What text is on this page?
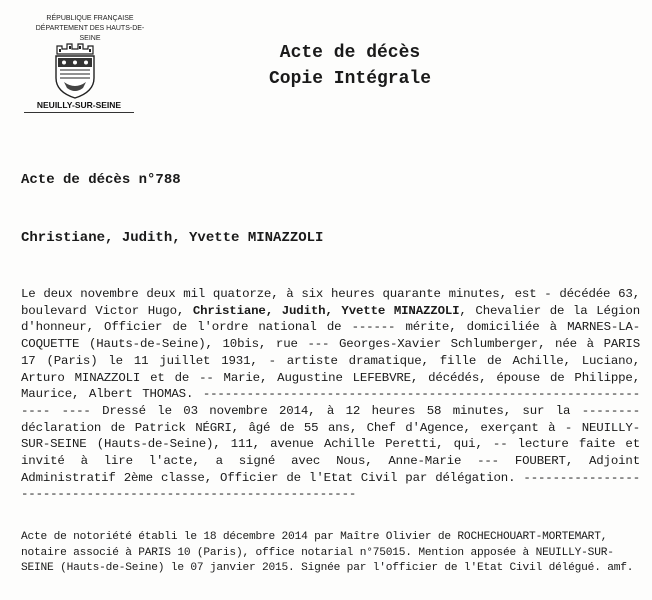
RÉPUBLIQUE FRANÇAISE
DÉPARTEMENT DES HAUTS-DE-SEINE
NEUILLY-SUR-SEINE
Acte de décès
Copie Intégrale
Acte de décès n°788
Christiane, Judith, Yvette MINAZZOLI
Le deux novembre deux mil quatorze, à six heures quarante minutes, est - décédée 63, boulevard Victor Hugo, Christiane, Judith, Yvette MINAZZOLI, Chevalier de la Légion d'honneur, Officier de l'ordre national de ------ mérite, domiciliée à MARNES-LA-COQUETTE (Hauts-de-Seine), 10bis, rue --- Georges-Xavier Schlumberger, née à PARIS 17 (Paris) le 11 juillet 1931, - artiste dramatique, fille de Achille, Luciano, Arturo MINAZZOLI et de -- Marie, Augustine LEFEBVRE, décédés, épouse de Philippe, Maurice, Albert THOMAS. ---------------------------------------------------------------- ---- Dressé le 03 novembre 2014, à 12 heures 58 minutes, sur la -------- déclaration de Patrick NÉGRI, âgé de 55 ans, Chef d'Agence, exerçant à - NEUILLY-SUR-SEINE (Hauts-de-Seine), 111, avenue Achille Peretti, qui, -- lecture faite et invité à lire l'acte, a signé avec Nous, Anne-Marie --- FOUBERT, Adjoint Administratif 2ème classe, Officier de l'Etat Civil par délégation. --------------------------------------------------------------
Acte de notoriété établi le 18 décembre 2014 par Maître Olivier de ROCHECHOUART-MORTEMART, notaire associé à PARIS 10 (Paris), office notarial n°75015. Mention apposée à NEUILLY-SUR-SEINE (Hauts-de-Seine) le 07 janvier 2015. Signée par l'officier de l'Etat Civil délégué. amf.
